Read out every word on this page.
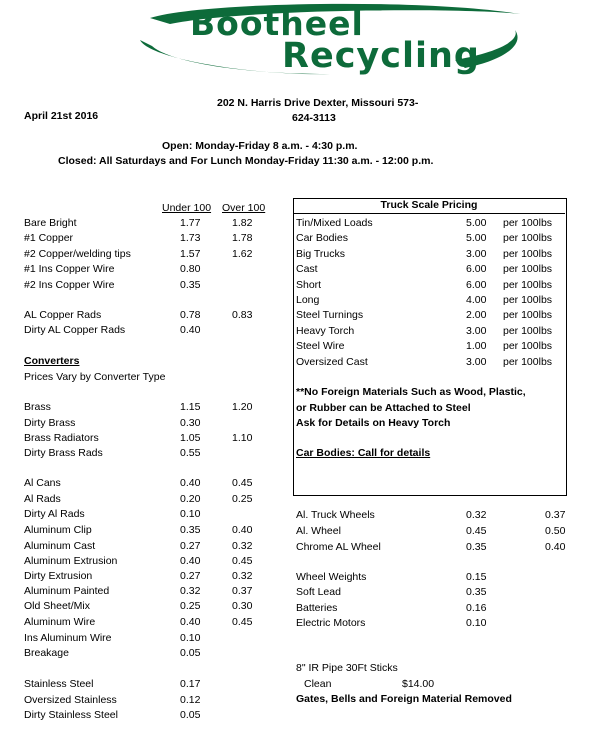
Bootheel
Recycling
April 21st 2016
202 N. Harris Drive Dexter, Missouri 573-
624-3113
Open: Monday-Friday 8 a.m. - 4:30 p.m.
Closed: All Saturdays and For Lunch Monday-Friday 11:30 a.m. - 12:00 p.m.
Under 100 Over 100
Bare Bright	1.77	1.82
#1 Copper	1.73	1.78
#2 Copper/welding tips	1.57	1.62
#1 Ins Copper Wire	0.80
#2 Ins Copper Wire	0.35
AL Copper Rads	0.78	0.83
Dirty AL Copper Rads	0.40
Brass	1.15	1.20
Dirty Brass	0.30
Brass Radiators	1.05	1.10
Dirty Brass Rads	0.55
Al Cans	0.40	0.45
Al Rads	0.20	0.25
Dirty Al Rads	0.10
Aluminum Clip	0.35	0.40
Aluminum Cast	0.27	0.32
Aluminum Extrusion	0.40	0.45
Dirty Extrusion	0.27	0.32
Aluminum Painted	0.32	0.37
Old Sheet/Mix	0.25	0.30
Aluminum Wire	0.40	0.45
Ins Aluminum Wire	0.10
Breakage	0.05
Stainless Steel	0.17
Oversized Stainless	0.12
Dirty Stainless Steel	0.05
Converters
Prices Vary by Converter Type
Truck Scale Pricing
Tin/Mixed Loads	5.00 per 100lbs
Car Bodies	5.00 per 100lbs
Big Trucks	3.00 per 100lbs
Cast	6.00 per 100lbs
Short	6.00 per 100lbs
Long	4.00 per 100lbs
Steel Turnings	2.00 per 100lbs
Heavy Torch	3.00 per 100lbs
Steel Wire	1.00 per 100lbs
Oversized Cast	3.00 per 100lbs
**No Foreign Materials Such as Wood, Plastic,
or Rubber can be Attached to Steel
Ask for Details on Heavy Torch
Car Bodies: Call for details
Al. Truck Wheels	0.32	0.37
Al. Wheel	0.45	0.50
Chrome AL Wheel	0.35	0.40
Wheel Weights	0.15
Soft Lead	0.35
Batteries	0.16
Electric Motors	0.10
8" IR Pipe 30Ft Sticks
Clean	$14.00
Gates, Bells and Foreign Material Removed
